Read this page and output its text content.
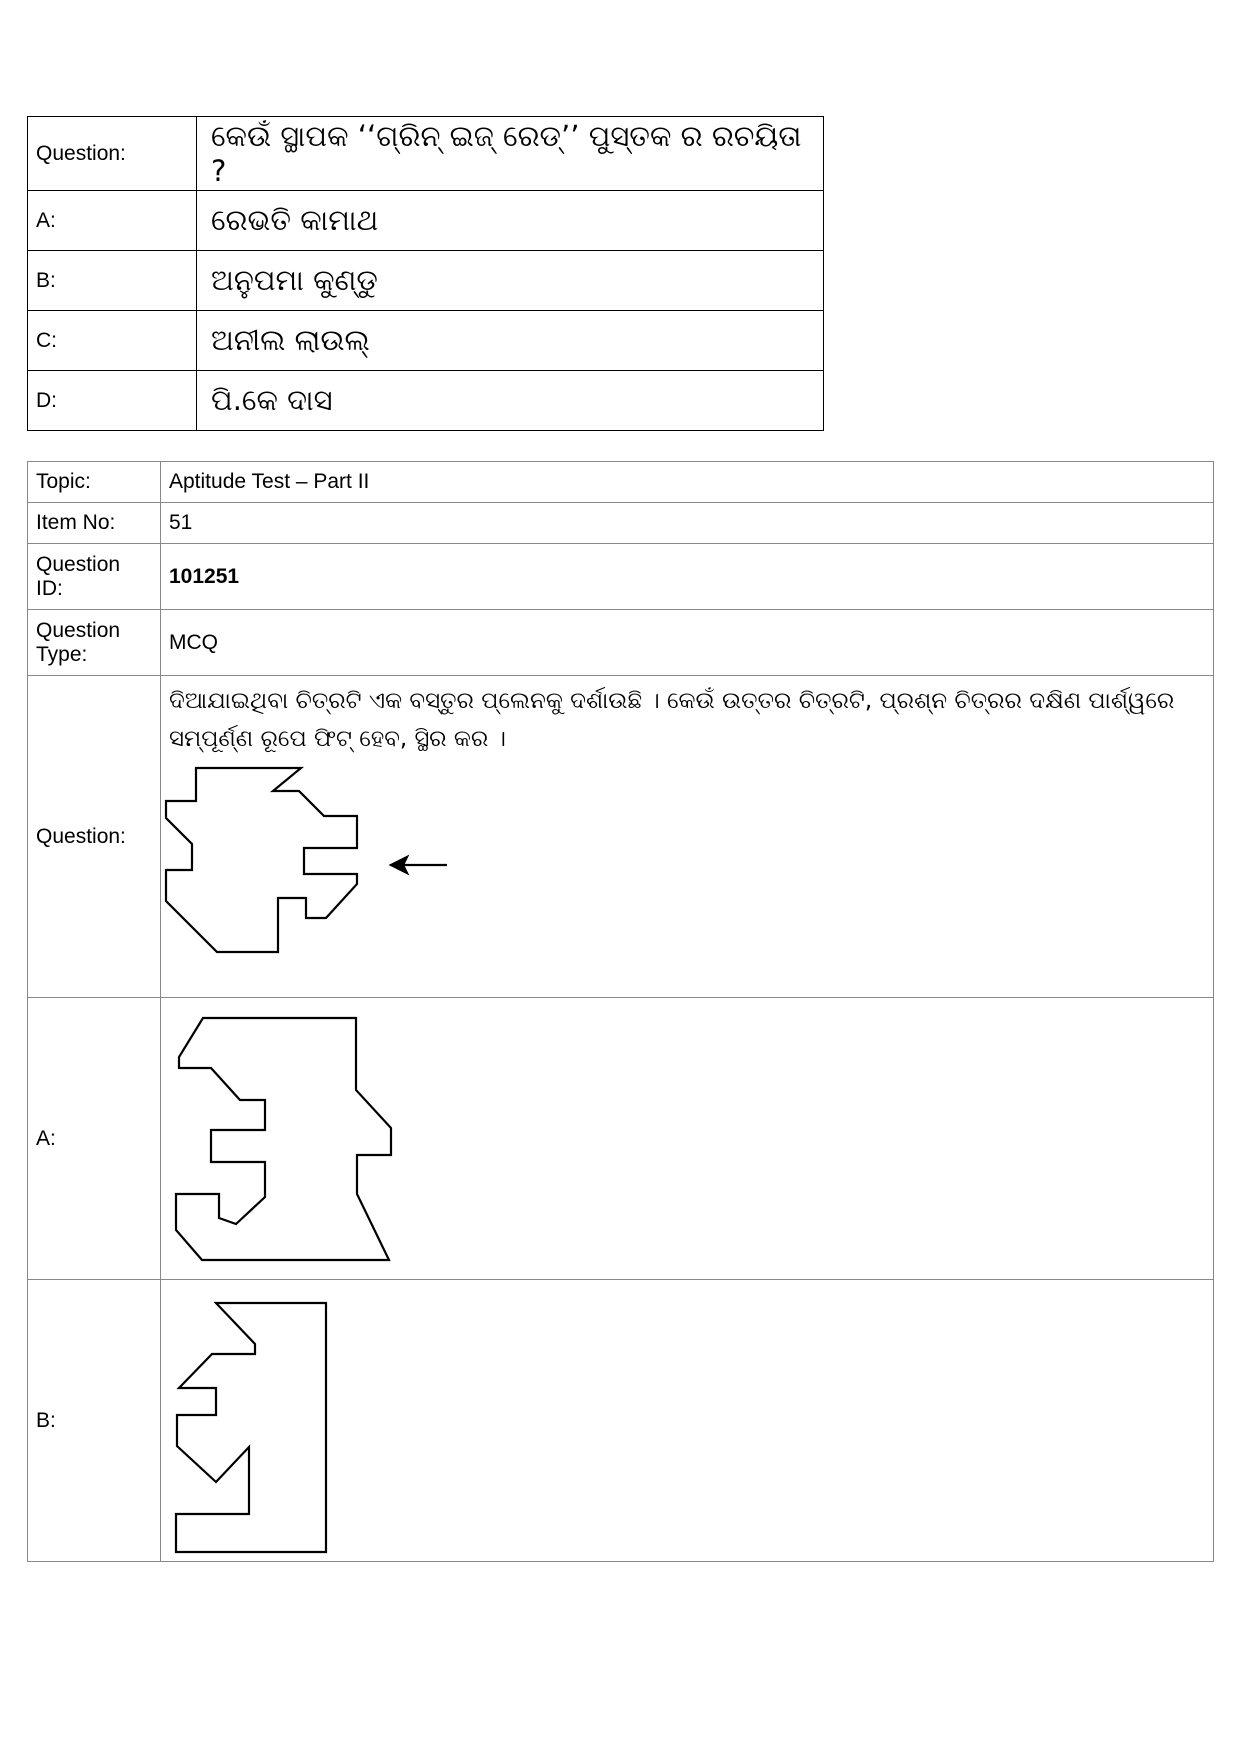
Question:	କେଉଁ ସ୍ଥାପକ ‘‘ଗ୍ରିନ୍ ଇଜ୍ ରେଡ୍’’ ପୁସ୍ତକ ର ରଚୟିତା ?
A:	ରେଭତି କାମାଥ
B:	ଅନୁପମା କୁଣ୍ଡୁ
C:	ଅନୀଲ ଲାଉଲ୍
D:	ପି.କେ ଦାସ
Topic:	Aptitude Test – Part II
Item No:	51
Question ID:	101251
Question Type:	MCQ
Question:	ଦିଆଯାଇଥିବା ଚିତ୍ରଟି ଏକ ବସ୍ତୁର ପ୍ଲେନକୁ ଦର୍ଶାଉଛି । କେଉଁ ଉତ୍ତର ଚିତ୍ରଟି, ପ୍ରଶ୍ନ ଚିତ୍ରର ଦକ୍ଷିଣ ପାର୍ଶ୍ୱରେ ସମ୍ପୂର୍ଣ୍ଣ ରୂପେ ଫିଟ୍ ହେବ, ସ୍ଥିର କର ।

A:	

B:	
